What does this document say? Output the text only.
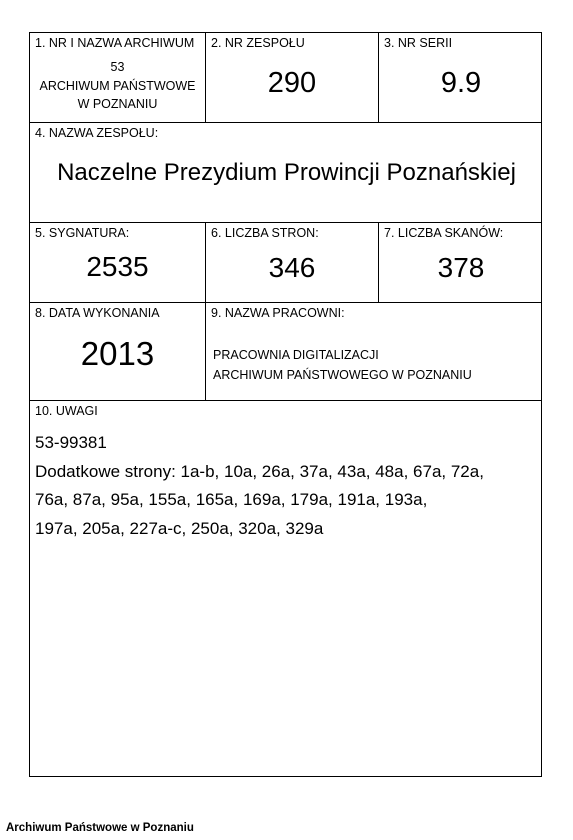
1. NR I NAZWA ARCHIWUM
53
ARCHIWUM PAŃSTWOWE
W POZNANIU
2. NR ZESPOŁU
290
3. NR SERII
9.9
4. NAZWA ZESPOŁU:
Naczelne Prezydium Prowincji Poznańskiej
5. SYGNATURA:
2535
6. LICZBA STRON:
346
7. LICZBA SKANÓW:
378
8. DATA WYKONANIA
2013
9. NAZWA PRACOWNI:
PRACOWNIA DIGITALIZACJI
ARCHIWUM PAŃSTWOWEGO W POZNANIU
10. UWAGI
53-99381
Dodatkowe strony: 1a-b, 10a, 26a, 37a, 43a, 48a, 67a, 72a,
76a, 87a, 95a, 155a, 165a, 169a, 179a, 191a, 193a,
197a, 205a, 227a-c, 250a, 320a, 329a
Archiwum Państwowe w Poznaniu
